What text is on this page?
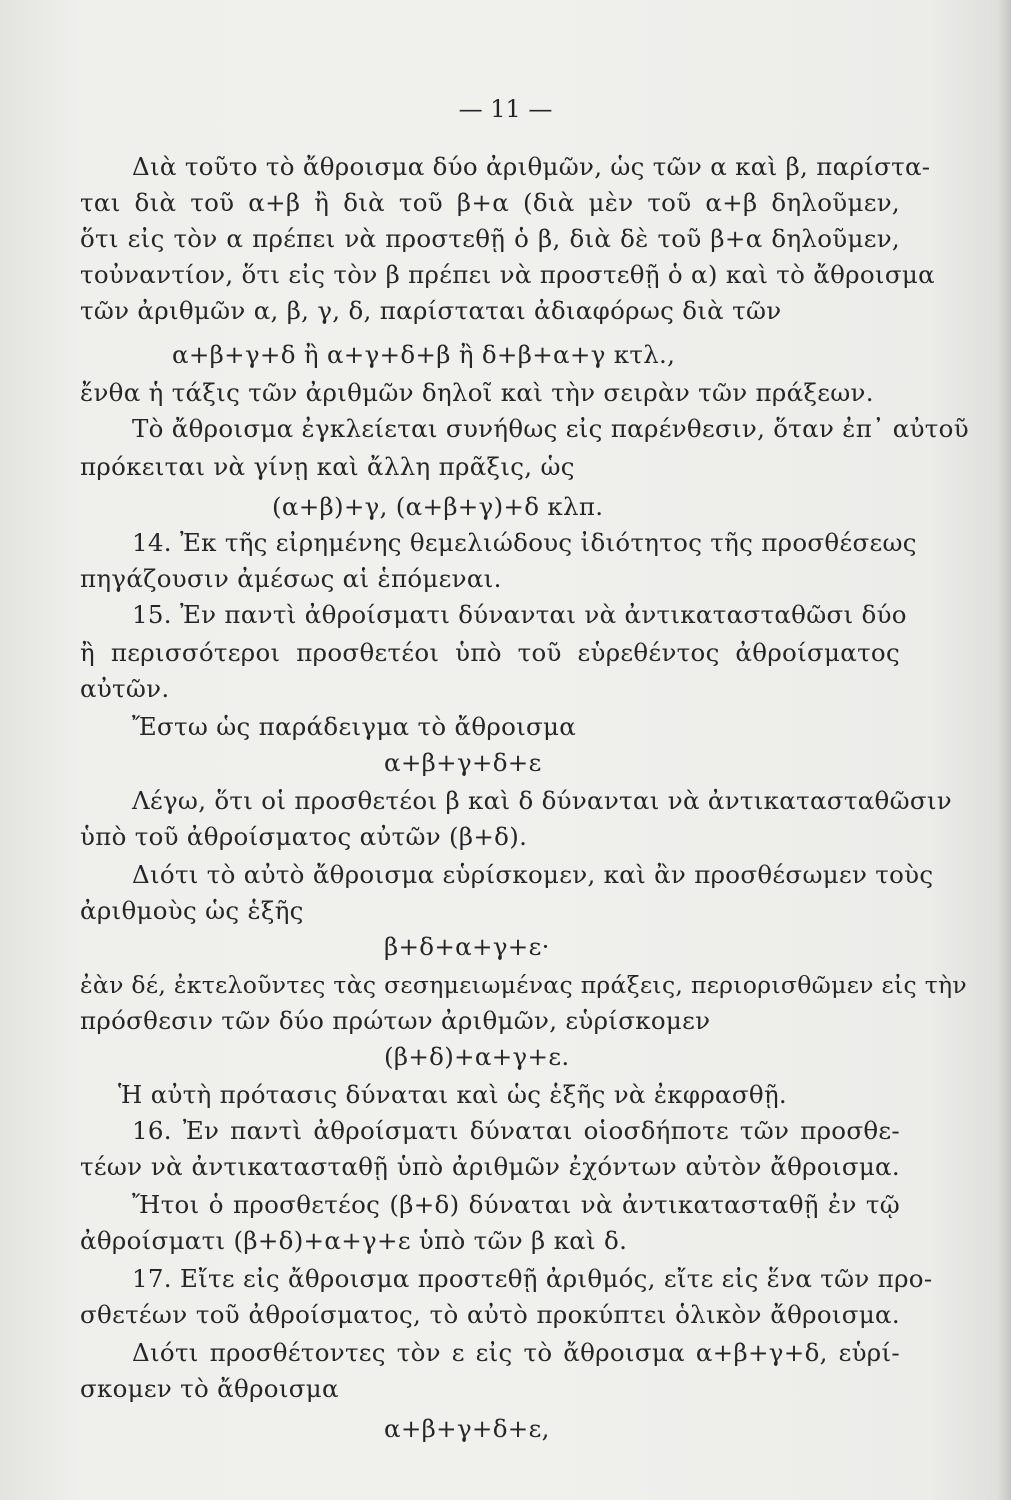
— 11 —
Διὰ τοῦτο τὸ ἄθροισμα δύο ἀριθμῶν, ὡς τῶν α καὶ β, παρίστα-
ται διὰ τοῦ α+β ἢ διὰ τοῦ β+α (διὰ μὲν τοῦ α+β δηλοῦμεν,
ὅτι εἰς τὸν α πρέπει νὰ προστεθῇ ὁ β, διὰ δὲ τοῦ β+α δηλοῦμεν,
τοὐναντίον, ὅτι εἰς τὸν β πρέπει νὰ προστεθῇ ὁ α) καὶ τὸ ἄθροισμα
τῶν ἀριθμῶν α, β, γ, δ, παρίσταται ἀδιαφόρως διὰ τῶν
α+β+γ+δ ἢ α+γ+δ+β ἢ δ+β+α+γ κτλ.,
ἔνθα ἡ τάξις τῶν ἀριθμῶν δηλοῖ καὶ τὴν σειρὰν τῶν πράξεων.
Τὸ ἄθροισμα ἐγκλείεται συνήθως εἰς παρένθεσιν, ὅταν ἐπ᾽ αὐτοῦ
πρόκειται νὰ γίνῃ καὶ ἄλλη πρᾶξις, ὡς
(α+β)+γ, (α+β+γ)+δ κλπ.
14. Ἐκ τῆς εἰρημένης θεμελιώδους ἰδιότητος τῆς προσθέσεως
πηγάζουσιν ἀμέσως αἱ ἑπόμεναι.
15. Ἐν παντὶ ἀθροίσματι δύνανται νὰ ἀντικατασταθῶσι δύο
ἢ περισσότεροι προσθετέοι ὑπὸ τοῦ εὑρεθέντος ἀθροίσματος
αὐτῶν.
Ἔστω ὡς παράδειγμα τὸ ἄθροισμα
α+β+γ+δ+ε
Λέγω, ὅτι οἱ προσθετέοι β καὶ δ δύνανται νὰ ἀντικατασταθῶσιν
ὑπὸ τοῦ ἀθροίσματος αὐτῶν (β+δ).
Διότι τὸ αὐτὸ ἄθροισμα εὑρίσκομεν, καὶ ἂν προσθέσωμεν τοὺς
ἀριθμοὺς ὡς ἑξῆς
β+δ+α+γ+ε·
ἐὰν δέ, ἐκτελοῦντες τὰς σεσημειωμένας πράξεις, περιορισθῶμεν εἰς τὴν
πρόσθεσιν τῶν δύο πρώτων ἀριθμῶν, εὑρίσκομεν
(β+δ)+α+γ+ε.
Ἡ αὐτὴ πρότασις δύναται καὶ ὡς ἑξῆς νὰ ἐκφρασθῇ.
16. Ἐν παντὶ ἀθροίσματι δύναται οἱοσδήποτε τῶν προσθε-
τέων νὰ ἀντικατασταθῇ ὑπὸ ἀριθμῶν ἐχόντων αὐτὸν ἄθροισμα.
Ἤτοι ὁ προσθετέος (β+δ) δύναται νὰ ἀντικατασταθῇ ἐν τῷ
ἀθροίσματι (β+δ)+α+γ+ε ὑπὸ τῶν β καὶ δ.
17. Εἴτε εἰς ἄθροισμα προστεθῇ ἀριθμός, εἴτε εἰς ἕνα τῶν προ-
σθετέων τοῦ ἀθροίσματος, τὸ αὐτὸ προκύπτει ὁλικὸν ἄθροισμα.
Διότι προσθέτοντες τὸν ε εἰς τὸ ἄθροισμα α+β+γ+δ, εὑρί-
σκομεν τὸ ἄθροισμα
α+β+γ+δ+ε,
